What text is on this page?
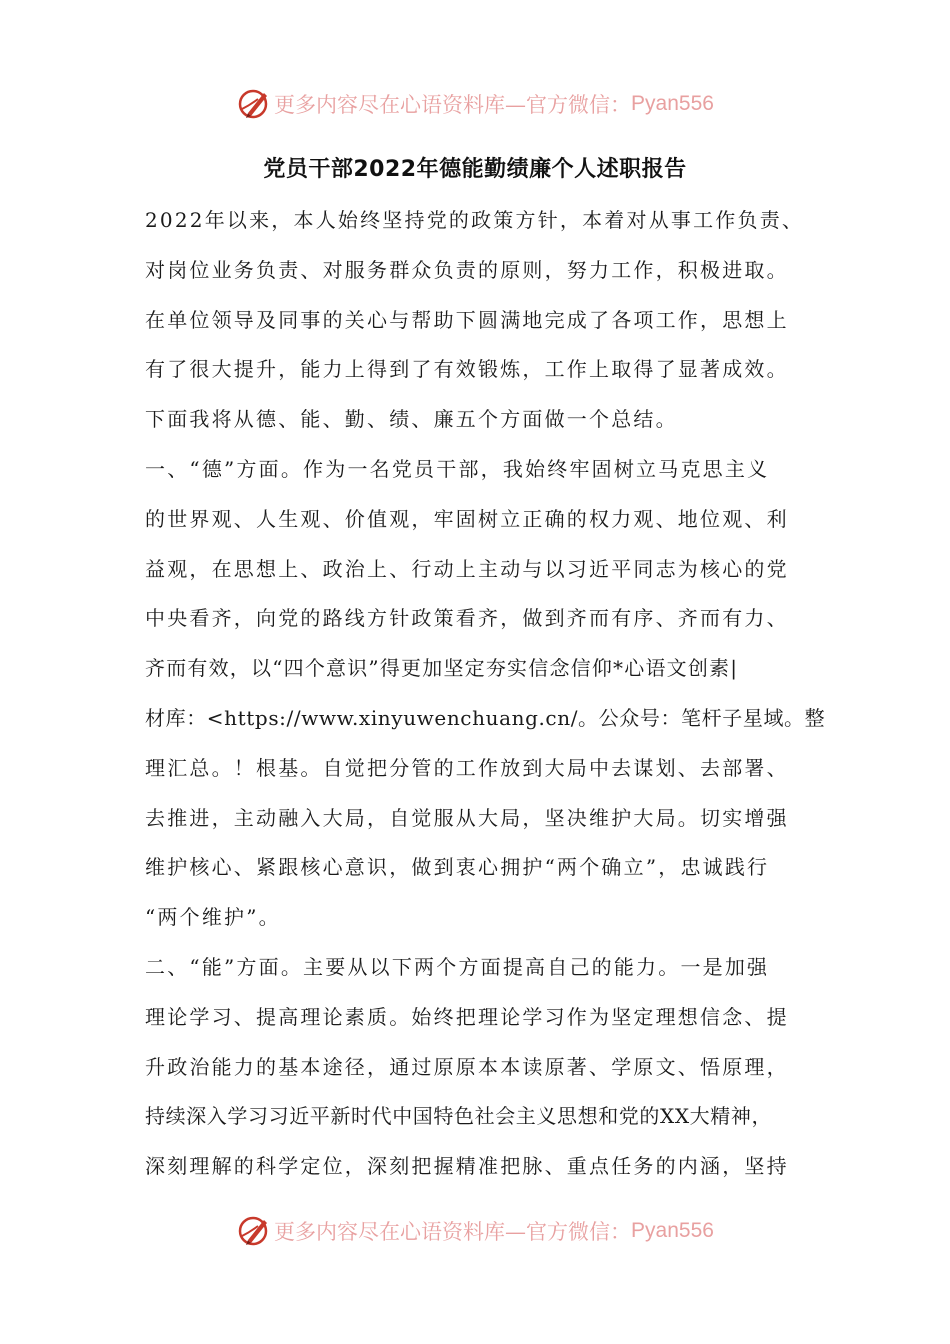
更多内容尽在心语资料库—官方微信： Pyan556
党员干部2022年德能勤绩廉个人述职报告
2022年以来，本人始终坚持党的政策方针，本着对从事工作负责、
对岗位业务负责、对服务群众负责的原则，努力工作，积极进取。
在单位领导及同事的关心与帮助下圆满地完成了各项工作，思想上
有了很大提升，能力上得到了有效锻炼，工作上取得了显著成效。
下面我将从德、能、勤、绩、廉五个方面做一个总结。
一、“德”方面。作为一名党员干部，我始终牢固树立马克思主义
的世界观、人生观、价值观，牢固树立正确的权力观、地位观、利
益观，在思想上、政治上、行动上主动与以习近平同志为核心的党
中央看齐，向党的路线方针政策看齐，做到齐而有序、齐而有力、
齐而有效，以“四个意识”得更加坚定夯实信念信仰*心语文创素|
材库：<https://www.xinyuwenchuang.cn/。公众号：笔杆子星域。整
理汇总。！根基。自觉把分管的工作放到大局中去谋划、去部署、
去推进，主动融入大局，自觉服从大局，坚决维护大局。切实增强
维护核心、紧跟核心意识，做到衷心拥护“两个确立”，忠诚践行
“两个维护”。
二、“能”方面。主要从以下两个方面提高自己的能力。一是加强
理论学习、提高理论素质。始终把理论学习作为坚定理想信念、提
升政治能力的基本途径，通过原原本本读原著、学原文、悟原理，
持续深入学习习近平新时代中国特色社会主义思想和党的XX大精神，
深刻理解的科学定位，深刻把握精准把脉、重点任务的内涵，坚持
更多内容尽在心语资料库—官方微信： Pyan556
